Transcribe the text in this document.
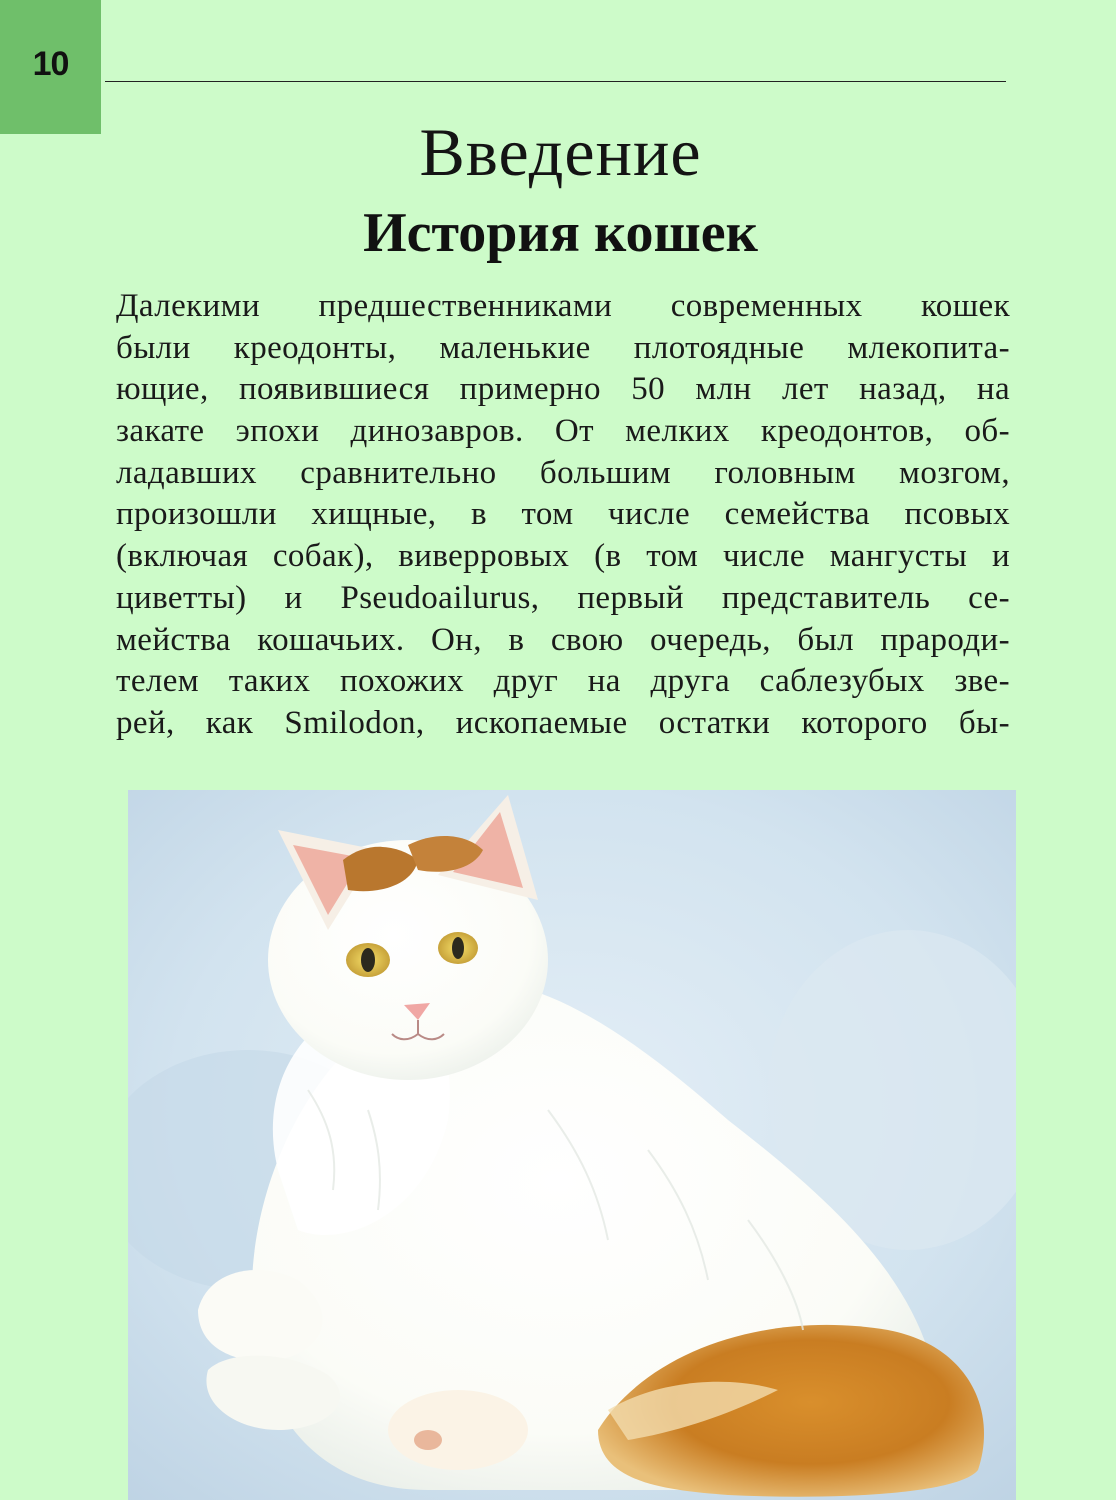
10
Введение
История кошек
Далекими предшественниками современных кошек
были креодонты, маленькие плотоядные млекопита-
ющие, появившиеся примерно 50 млн лет назад, на
закате эпохи динозавров. От мелких креодонтов, об-
ладавших сравнительно большим головным мозгом,
произошли хищные, в том числе семейства псовых
(включая собак), виверровых (в том числе мангусты и
циветты) и Pseudoailurus, первый представитель се-
мейства кошачьих. Он, в свою очередь, был прароди-
телем таких похожих друг на друга саблезубых зве-
рей, как Smilodon, ископаемые остатки которого бы-
